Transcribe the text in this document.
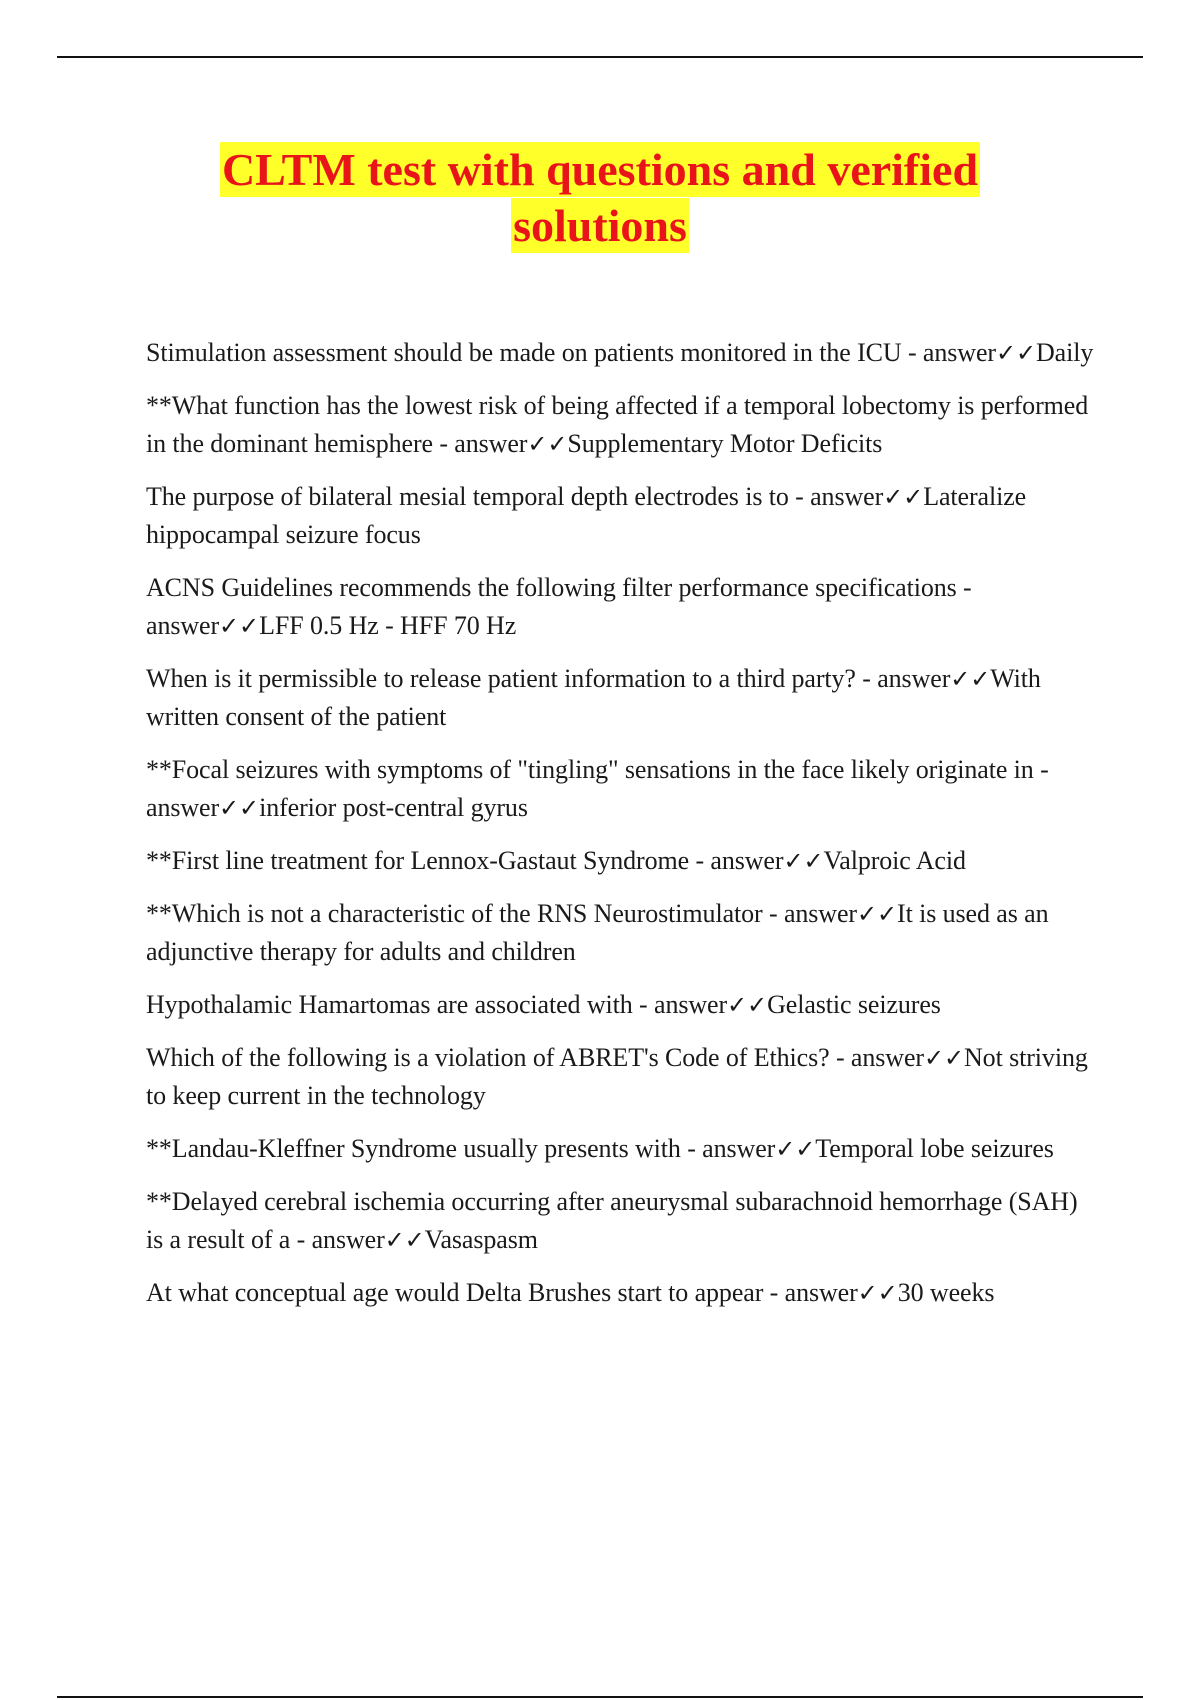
CLTM test with questions and verified
solutions
Stimulation assessment should be made on patients monitored in the ICU - answer✓✓Daily
**What function has the lowest risk of being affected if a temporal lobectomy is performed in the dominant hemisphere - answer✓✓Supplementary Motor Deficits
The purpose of bilateral mesial temporal depth electrodes is to - answer✓✓Lateralize hippocampal seizure focus
ACNS Guidelines recommends the following filter performance specifications - answer✓✓LFF 0.5 Hz - HFF 70 Hz
When is it permissible to release patient information to a third party? - answer✓✓With written consent of the patient
**Focal seizures with symptoms of "tingling" sensations in the face likely originate in - answer✓✓inferior post-central gyrus
**First line treatment for Lennox-Gastaut Syndrome - answer✓✓Valproic Acid
**Which is not a characteristic of the RNS Neurostimulator - answer✓✓It is used as an adjunctive therapy for adults and children
Hypothalamic Hamartomas are associated with - answer✓✓Gelastic seizures
Which of the following is a violation of ABRET's Code of Ethics? - answer✓✓Not striving to keep current in the technology
**Landau-Kleffner Syndrome usually presents with - answer✓✓Temporal lobe seizures
**Delayed cerebral ischemia occurring after aneurysmal subarachnoid hemorrhage (SAH) is a result of a - answer✓✓Vasaspasm
At what conceptual age would Delta Brushes start to appear - answer✓✓30 weeks
